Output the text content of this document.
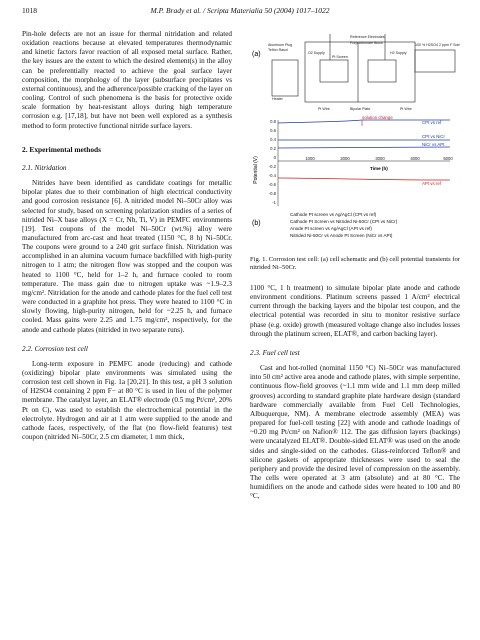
1018	M.P. Brady et al. / Scripta Materialia 50 (2004) 1017–1022

Pin-hole defects are not an issue for thermal nitridation and related oxidation reactions because at elevated temperatures thermodynamic and kinetic factors favor reaction of all exposed metal surface. Rather, the key issues are the extent to which the desired element(s) in the alloy can be preferentially reacted to achieve the goal surface layer composition, the morphology of the layer (subsurface precipitates vs external continuous), and the adherence/possible cracking of the layer on cooling. Control of such phenomena is the basis for protective oxide scale formation by heat-resistant alloys during high temperature corrosion e.g. [17,18], but have not been well explored as a synthesis method to form protective functional nitride surface layers.

2. Experimental methods
2.1. Nitridation

Nitrides have been identified as candidate coatings for metallic bipolar plates due to their combination of high electrical conductivity and good corrosion resistance [6]. A nitrided model Ni–50Cr alloy was selected for study, based on screening polarization studies of a series of nitrided Ni–X base alloys (X = Cr, Nb, Ti, V) in PEMFC environments [19]. Test coupons of the model Ni–50Cr (wt.%) alloy were manufactured from arc-cast and heat treated (1150 °C, 8 h) Ni–50Cr. The coupons were ground to a 240 grit surface finish. Nitridation was accomplished in an alumina vacuum furnace backfilled with high-purity nitrogen to 1 atm; the nitrogen flow was stopped and the coupon was heated to 1100 °C, held for 1–2 h, and furnace cooled to room temperature. The mass gain due to nitrogen uptake was ~1.9–2.3 mg/cm². Nitridation for the anode and cathode plates for the fuel cell test were conducted in a graphite hot press. They were heated to 1100 °C in slowly flowing, high-purity nitrogen, held for ~2.25 h, and furnace cooled. Mass gains were 2.25 and 1.75 mg/cm², respectively, for the anode and cathode plates (nitrided in two separate runs).

2.2. Corrosion test cell

Long-term exposure in PEMFC anode (reducing) and cathode (oxidizing) bipolar plate environments was simulated using the corrosion test cell shown in Fig. 1a [20,21]. In this test, a pH 3 solution of H2SO4 containing 2 ppm F− at 80 °C is used in lieu of the polymer membrane. The catalyst layer, an ELAT® electrode (0.5 mg Pt/cm², 20% Pt on C), was used to establish the electrochemical potential in the electrolyte. Hydrogen and air at 1 atm were supplied to the anode and cathode faces, respectively, of the flat (no flow-field features) test coupon (nitrided Ni–50Cr, 2.5 cm diameter, 1 mm thick,

(a)
Aluminum Plug
Teflon Rasol
Heater
Reference Electrodes
Polycarbonate Block
O2 Supply
Pt Screen
H2 Supply
100 % H2SO4 2 ppm F Soln
Pt Wire	Bipolar Plate	Pt Wire
(b)
Potential (V)
0.8
0.6
0.4
0.2
0
-0.2
-0.4
-0.6
-0.8
-1
1000	2000	3000	4000	5000
Time (h)
solution change
CPt vs ref
CPt vs NiCr
NiCr vs APt
APt vs ref
Cathode Pt screen vs Ag/AgCl (CPt vs ref)
Cathode Pt Screen vs Nitrided Ni-50Cr (CPt vs NiCr)
Anode Pt screen vs Ag/AgCl (APt vs ref)
Nitrided Ni-50Cr vs Anode Pt Screen (NiCr vs APt)
Fig. 1. Corrosion test cell: (a) cell schematic and (b) cell potential transients for nitrided Ni–50Cr.

1100 °C, 1 h treatment) to simulate bipolar plate anode and cathode environment conditions. Platinum screens passed 1 A/cm² electrical current through the backing layers and the bipolar test coupon, and the electrical potential was recorded in situ to monitor resistive surface phase (e.g. oxide) growth (measured voltage change also includes losses through the platinum screen, ELAT®, and carbon backing layer).

2.3. Fuel cell test

Cast and hot-rolled (nominal 1150 °C) Ni–50Cr was manufactured into 50 cm² active area anode and cathode plates, with simple serpentine, continuous flow-field grooves (~1.1 mm wide and 1.1 mm deep milled grooves) according to standard graphite plate hardware design (standard hardware commercially available from Fuel Cell Technologies, Albuquerque, NM). A membrane electrode assembly (MEA) was prepared for fuel-cell testing [22] with anode and cathode loadings of ~0.20 mg Pt/cm² on Nafion® 112. The gas diffusion layers (backings) were uncatalyzed ELAT®. Double-sided ELAT® was used on the anode sides and single-sided on the cathodes. Glass-reinforced Teflon® and silicone gaskets of appropriate thicknesses were used to seal the periphery and provide the desired level of compression on the assembly. The cells were operated at 3 atm (absolute) and at 80 °C. The humidifiers on the anode and cathode sides were heated to 100 and 80 °C,
